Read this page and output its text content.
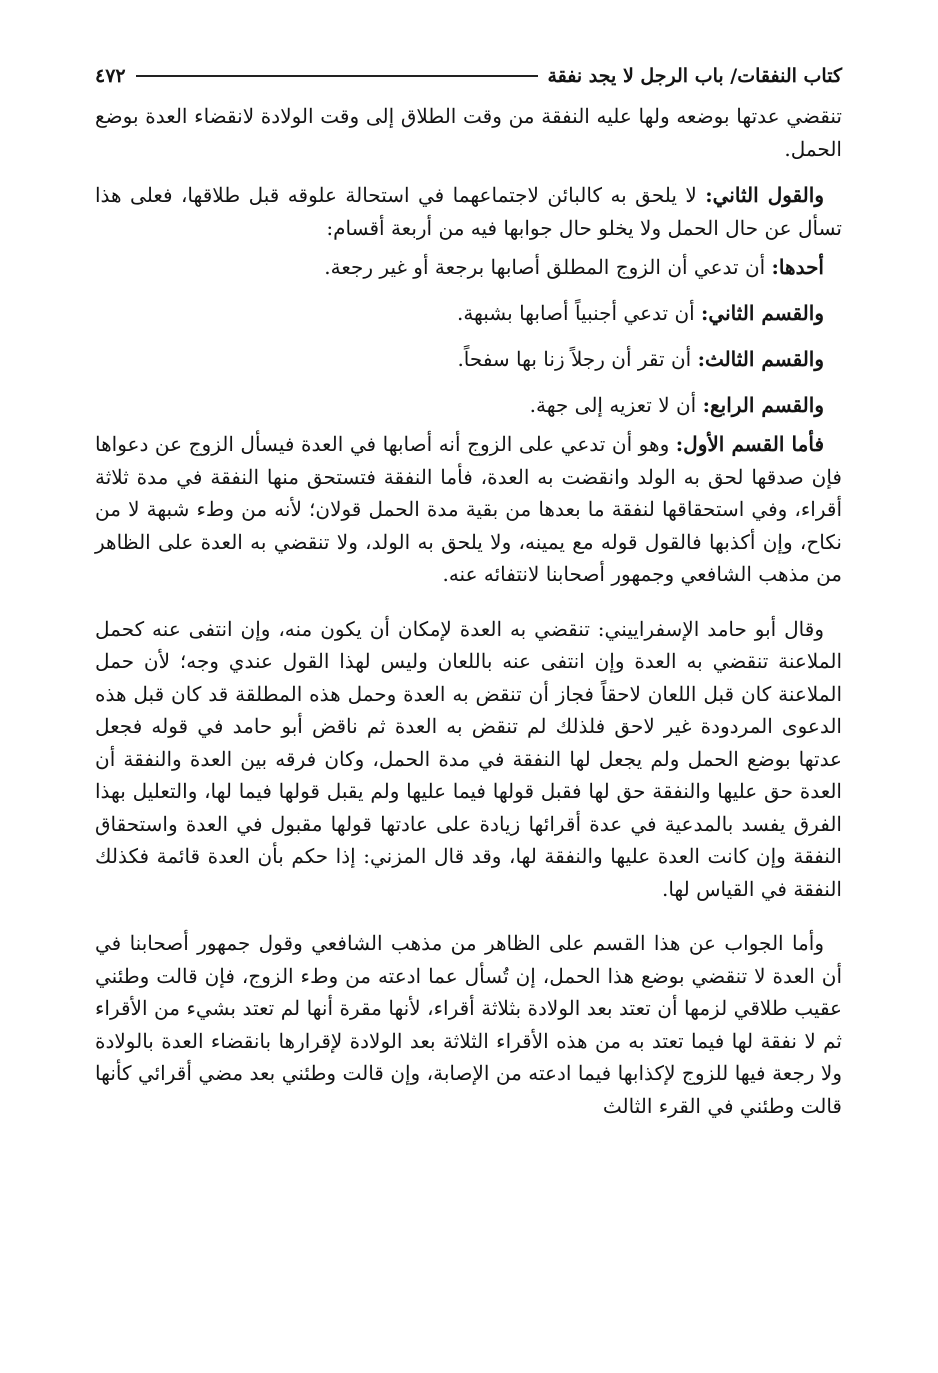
كتاب النفقات/ باب الرجل لا يجد نفقة
٤٧٢

تنقضي عدتها بوضعه ولها عليه النفقة من وقت الطلاق إلى وقت الولادة لانقضاء العدة بوضع الحمل.

والقول الثاني: لا يلحق به كالبائن لاجتماعهما في استحالة علوقه قبل طلاقها، فعلى هذا تسأل عن حال الحمل ولا يخلو حال جوابها فيه من أربعة أقسام:

أحدها: أن تدعي أن الزوج المطلق أصابها برجعة أو غير رجعة.

والقسم الثاني: أن تدعي أجنبياً أصابها بشبهة.

والقسم الثالث: أن تقر أن رجلاً زنا بها سفحاً.

والقسم الرابع: أن لا تعزيه إلى جهة.

فأما القسم الأول: وهو أن تدعي على الزوج أنه أصابها في العدة فيسأل الزوج عن دعواها فإن صدقها لحق به الولد وانقضت به العدة، فأما النفقة فتستحق منها النفقة في مدة ثلاثة أقراء، وفي استحقاقها لنفقة ما بعدها من بقية مدة الحمل قولان؛ لأنه من وطء شبهة لا من نكاح، وإن أكذبها فالقول قوله مع يمينه، ولا يلحق به الولد، ولا تنقضي به العدة على الظاهر من مذهب الشافعي وجمهور أصحابنا لانتفائه عنه.

وقال أبو حامد الإسفراييني: تنقضي به العدة لإمكان أن يكون منه، وإن انتفى عنه كحمل الملاعنة تنقضي به العدة وإن انتفى عنه باللعان وليس لهذا القول عندي وجه؛ لأن حمل الملاعنة كان قبل اللعان لاحقاً فجاز أن تنقض به العدة وحمل هذه المطلقة قد كان قبل هذه الدعوى المردودة غير لاحق فلذلك لم تنقض به العدة ثم ناقض أبو حامد في قوله فجعل عدتها بوضع الحمل ولم يجعل لها النفقة في مدة الحمل، وكان فرقه بين العدة والنفقة أن العدة حق عليها والنفقة حق لها فقبل قولها فيما عليها ولم يقبل قولها فيما لها، والتعليل بهذا الفرق يفسد بالمدعية في عدة أقرائها زيادة على عادتها قولها مقبول في العدة واستحقاق النفقة وإن كانت العدة عليها والنفقة لها، وقد قال المزني: إذا حكم بأن العدة قائمة فكذلك النفقة في القياس لها.

وأما الجواب عن هذا القسم على الظاهر من مذهب الشافعي وقول جمهور أصحابنا في أن العدة لا تنقضي بوضع هذا الحمل، إن تُسأل عما ادعته من وطء الزوج، فإن قالت وطئني عقيب طلاقي لزمها أن تعتد بعد الولادة بثلاثة أقراء، لأنها مقرة أنها لم تعتد بشيء من الأقراء ثم لا نفقة لها فيما تعتد به من هذه الأقراء الثلاثة بعد الولادة لإقرارها بانقضاء العدة بالولادة ولا رجعة فيها للزوج لإكذابها فيما ادعته من الإصابة، وإن قالت وطئني بعد مضي أقرائي كأنها قالت وطئني في القرء الثالث
